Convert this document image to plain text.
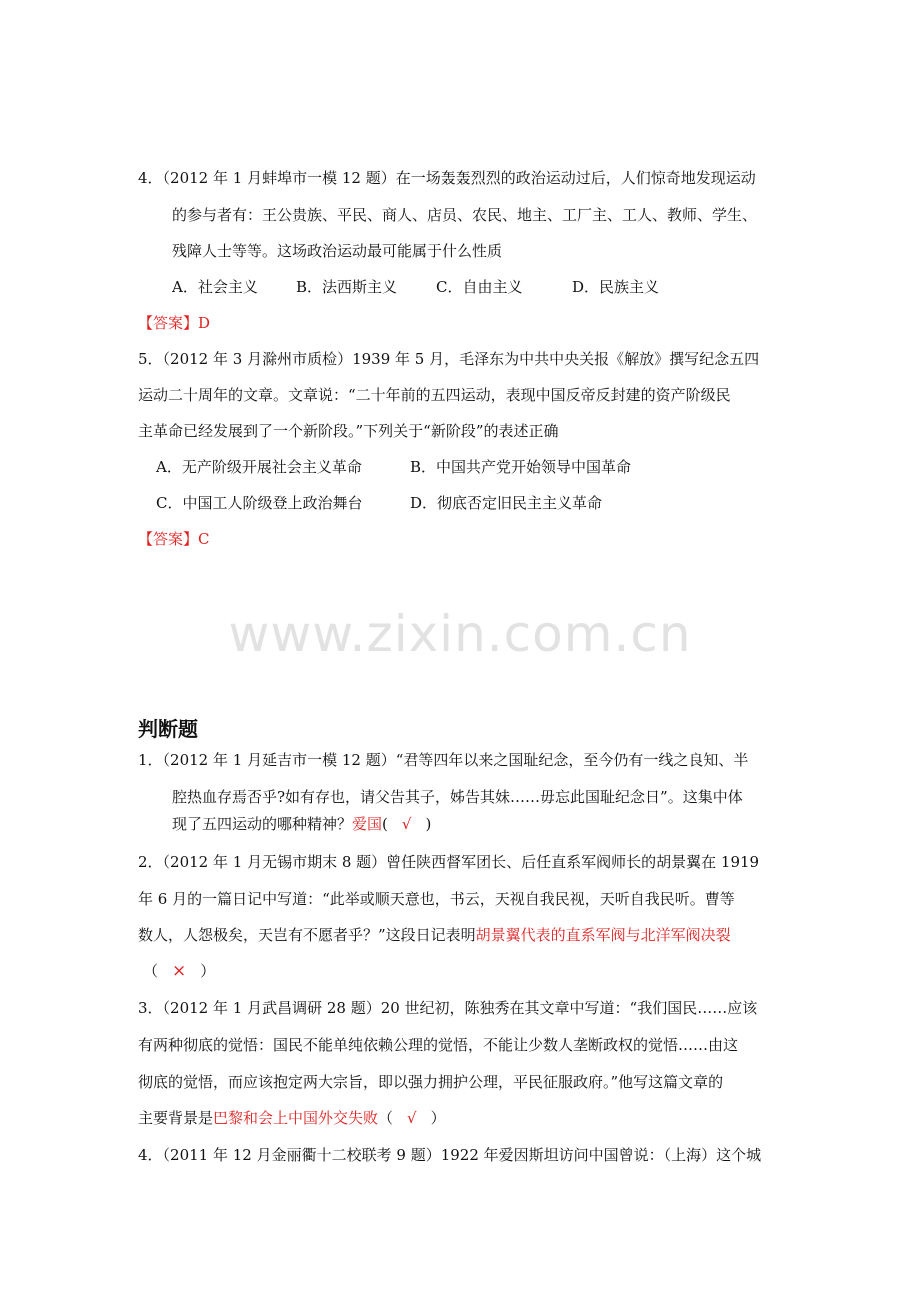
4．（2012 年 1 月蚌埠市一模 12 题）在一场轰轰烈烈的政治运动过后，人们惊奇地发现运动
的参与者有：王公贵族、平民、商人、店员、农民、地主、工厂主、工人、教师、学生、
残障人士等等。这场政治运动最可能属于什么性质
A．社会主义	B．法西斯主义	C．自由主义	D．民族主义
【答案】D
5．（2012 年 3 月滁州市质检）1939 年 5 月，毛泽东为中共中央关报《解放》撰写纪念五四
运动二十周年的文章。文章说：“二十年前的五四运动，表现中国反帝反封建的资产阶级民
主革命已经发展到了一个新阶段。”下列关于“新阶段”的表述正确
A．无产阶级开展社会主义革命	B．中国共产党开始领导中国革命
C．中国工人阶级登上政治舞台	D．彻底否定旧民主主义革命
【答案】C
www.zixin.com.cn
判断题
1．（2012 年 1 月延吉市一模 12 题）“君等四年以来之国耻纪念，至今仍有一线之良知、半
腔热血存焉否乎?如有存也，请父告其子，姊告其妹……毋忘此国耻纪念日”。这集中体
现了五四运动的哪种精神？爱国( √ )
2．（2012 年 1 月无锡市期末 8 题）曾任陕西督军团长、后任直系军阀师长的胡景翼在 1919
年 6 月的一篇日记中写道：“此举或顺天意也，书云，天视自我民视，天听自我民听。曹等
数人，人怨极矣，天岂有不愿者乎？”这段日记表明胡景翼代表的直系军阀与北洋军阀决裂
（ × ）
3．（2012 年 1 月武昌调研 28 题）20 世纪初，陈独秀在其文章中写道：“我们国民……应该
有两种彻底的觉悟：国民不能单纯依赖公理的觉悟，不能让少数人垄断政权的觉悟……由这
彻底的觉悟，而应该抱定两大宗旨，即以强力拥护公理，平民征服政府。”他写这篇文章的
主要背景是巴黎和会上中国外交失败（ √ ）
4．（2011 年 12 月金丽衢十二校联考 9 题）1922 年爱因斯坦访问中国曾说：（上海）这个城
